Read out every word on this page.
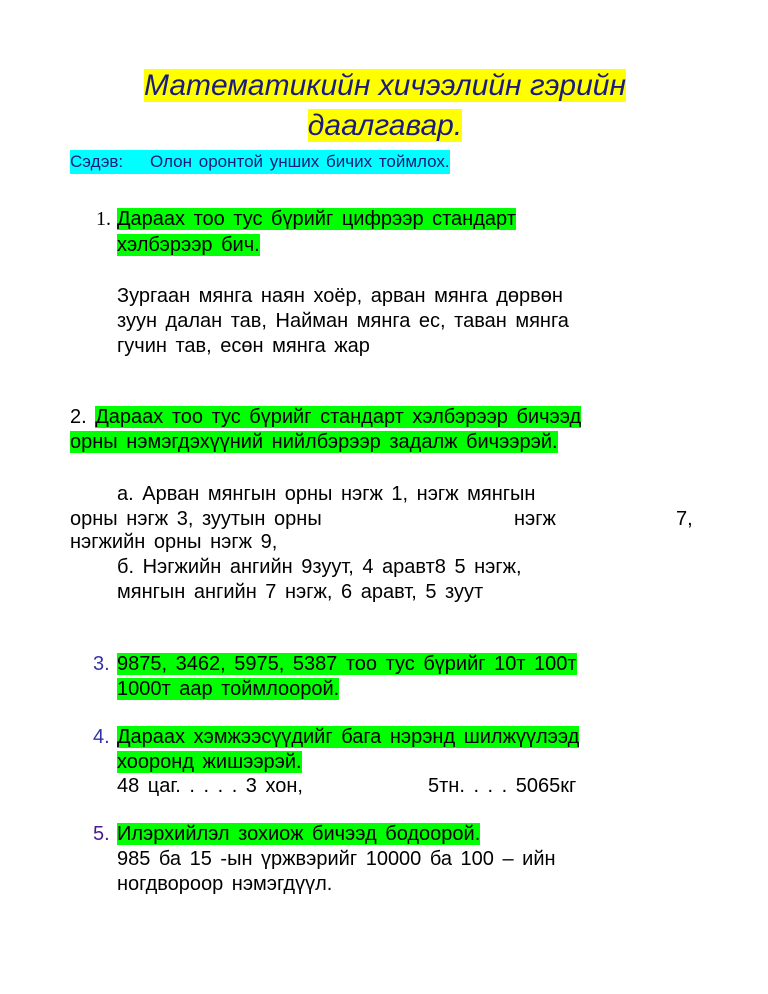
Математикийн хичээлийн гэрийн
даалгавар.
Сэдэв: Олон оронтой унших бичих тоймлох.
1. Дараах тоо тус бүрийг цифрээр стандарт
хэлбэрээр бич.
Зургаан мянга наян хоёр, арван мянга дөрвөн
зуун далан тав, Найман мянга ес, таван мянга
гучин тав, есөн мянга жар
2. Дараах тоо тус бүрийг стандарт хэлбэрээр бичээд
орны нэмэгдэхүүний нийлбэрээр задалж бичээрэй.
а. Арван мянгын орны нэгж 1, нэгж мянгын
орны нэгж 3, зуутын орны	нэгж	7,
нэгжийн орны нэгж 9,
б. Нэгжийн ангийн 9зуут, 4 аравт8 5 нэгж,
мянгын ангийн 7 нэгж, 6 аравт, 5 зуут
3. 9875, 3462, 5975, 5387 тоо тус бүрийг 10т 100т
1000т аар тоймлоорой.
4. Дараах хэмжээсүүдийг бага нэрэнд шилжүүлээд
хооронд жишээрэй.
48 цаг. . . . . 3 хон,	5тн. . . . 5065кг
5. Илэрхийлэл зохиож бичээд бодоорой.
985 ба 15 -ын үржвэрийг 10000 ба 100 – ийн
ногдвороор нэмэгдүүл.
